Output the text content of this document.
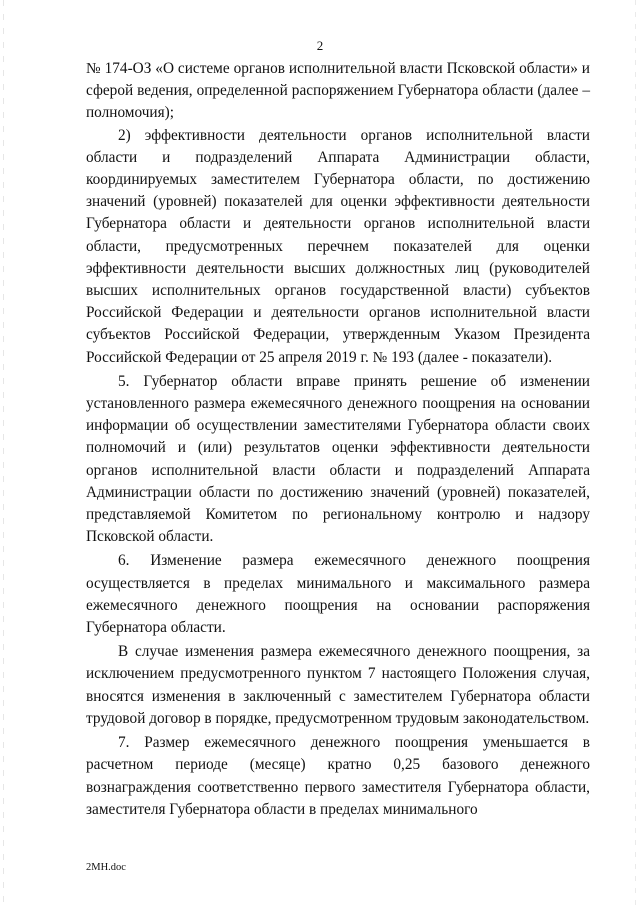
2

№ 174-ОЗ «О системе органов исполнительной власти Псковской области» и сферой ведения, определенной распоряжением Губернатора области (далее – полномочия);

2) эффективности деятельности органов исполнительной власти области и подразделений Аппарата Администрации области, координируемых заместителем Губернатора области, по достижению значений (уровней) показателей для оценки эффективности деятельности Губернатора области и деятельности органов исполнительной власти области, предусмотренных перечнем показателей для оценки эффективности деятельности высших должностных лиц (руководителей высших исполнительных органов государственной власти) субъектов Российской Федерации и деятельности органов исполнительной власти субъектов Российской Федерации, утвержденным Указом Президента Российской Федерации от 25 апреля 2019 г. № 193 (далее - показатели).

5. Губернатор области вправе принять решение об изменении установленного размера ежемесячного денежного поощрения на основании информации об осуществлении заместителями Губернатора области своих полномочий и (или) результатов оценки эффективности деятельности органов исполнительной власти области и подразделений Аппарата Администрации области по достижению значений (уровней) показателей, представляемой Комитетом по региональному контролю и надзору Псковской области.

6. Изменение размера ежемесячного денежного поощрения осуществляется в пределах минимального и максимального размера ежемесячного денежного поощрения на основании распоряжения Губернатора области.

В случае изменения размера ежемесячного денежного поощрения, за исключением предусмотренного пунктом 7 настоящего Положения случая, вносятся изменения в заключенный с заместителем Губернатора области трудовой договор в порядке, предусмотренном трудовым законодательством.

7. Размер ежемесячного денежного поощрения уменьшается в расчетном периоде (месяце) кратно 0,25 базового денежного вознаграждения соответственно первого заместителя Губернатора области, заместителя Губернатора области в пределах минимального

2МН.doc
